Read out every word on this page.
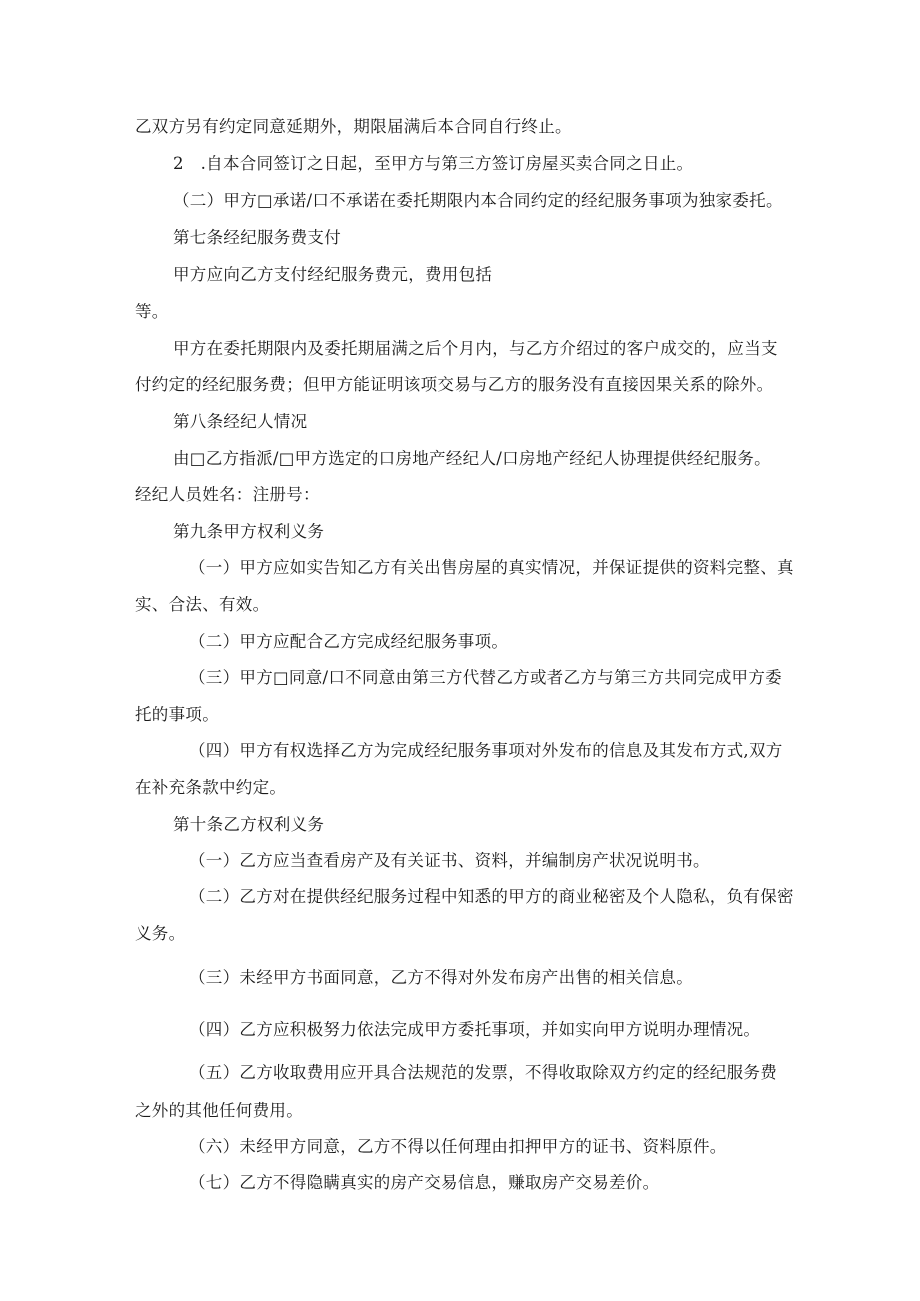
乙双方另有约定同意延期外，期限届满后本合同自行终止。
2　.自本合同签订之日起，至甲方与第三方签订房屋买卖合同之日止。
（二）甲方□承诺/口不承诺在委托期限内本合同约定的经纪服务事项为独家委托。
第七条经纪服务费支付
甲方应向乙方支付经纪服务费元，费用包括
等。
甲方在委托期限内及委托期届满之后个月内，与乙方介绍过的客户成交的，应当支
付约定的经纪服务费；但甲方能证明该项交易与乙方的服务没有直接因果关系的除外。
第八条经纪人情况
由□乙方指派/□甲方选定的口房地产经纪人/口房地产经纪人协理提供经纪服务。
经纪人员姓名：注册号：
第九条甲方权利义务
（一）甲方应如实告知乙方有关出售房屋的真实情况，并保证提供的资料完整、真
实、合法、有效。
（二）甲方应配合乙方完成经纪服务事项。
（三）甲方□同意/口不同意由第三方代替乙方或者乙方与第三方共同完成甲方委
托的事项。
（四）甲方有权选择乙方为完成经纪服务事项对外发布的信息及其发布方式,双方
在补充条款中约定。
第十条乙方权利义务
（一）乙方应当查看房产及有关证书、资料，并编制房产状况说明书。
（二）乙方对在提供经纪服务过程中知悉的甲方的商业秘密及个人隐私，负有保密
义务。
（三）未经甲方书面同意，乙方不得对外发布房产出售的相关信息。
（四）乙方应积极努力依法完成甲方委托事项，并如实向甲方说明办理情况。
（五）乙方收取费用应开具合法规范的发票，不得收取除双方约定的经纪服务费
之外的其他任何费用。
（六）未经甲方同意，乙方不得以任何理由扣押甲方的证书、资料原件。
（七）乙方不得隐瞒真实的房产交易信息，赚取房产交易差价。
